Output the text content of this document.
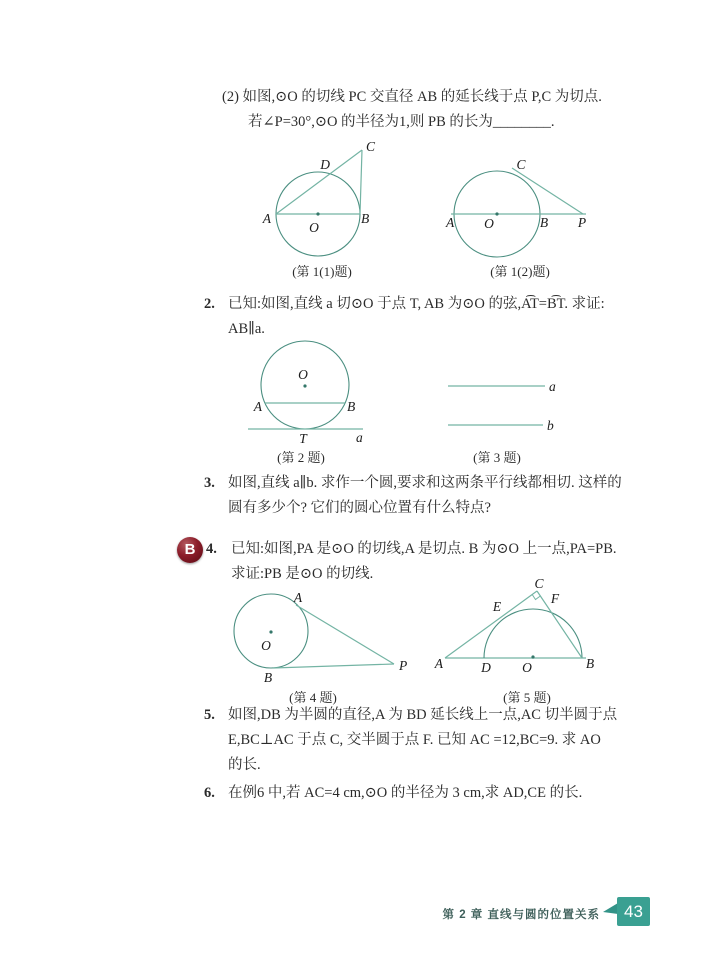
(2) 如图,⊙O 的切线 PC 交直径 AB 的延长线于点 P,C 为切点.
若∠P=30°,⊙O 的半径为1,则 PB 的长为________.
A	B
C
D
O
(第 1(1)题)
A O	B P
C
(第 1(2)题)
2. 已知:如图,直线 a 切⊙O 于点 T, AB 为⊙O 的弦,A͡T=B͡T. 求证:
AB∥a.
O
A	B
T	a
(第 2 题)
a
b
(第 3 题)
3. 如图,直线 a∥b. 求作一个圆,要求和这两条平行线都相切. 这样的
圆有多少个? 它们的圆心位置有什么特点?
B 4. 已知:如图,PA 是⊙O 的切线,A 是切点. B 为⊙O 上一点,PA=PB.
求证:PB 是⊙O 的切线.
A
O
B
P
(第 4 题)
A	D O	B
C
E
F
(第 5 题)
5. 如图,DB 为半圆的直径,A 为 BD 延长线上一点,AC 切半圆于点
E,BC⊥AC 于点 C, 交半圆于点 F. 已知 AC =12,BC=9. 求 AO
的长.
6. 在例6 中,若 AC=4 cm,⊙O 的半径为 3 cm,求 AD,CE 的长.
第 2 章 直线与圆的位置关系	43
